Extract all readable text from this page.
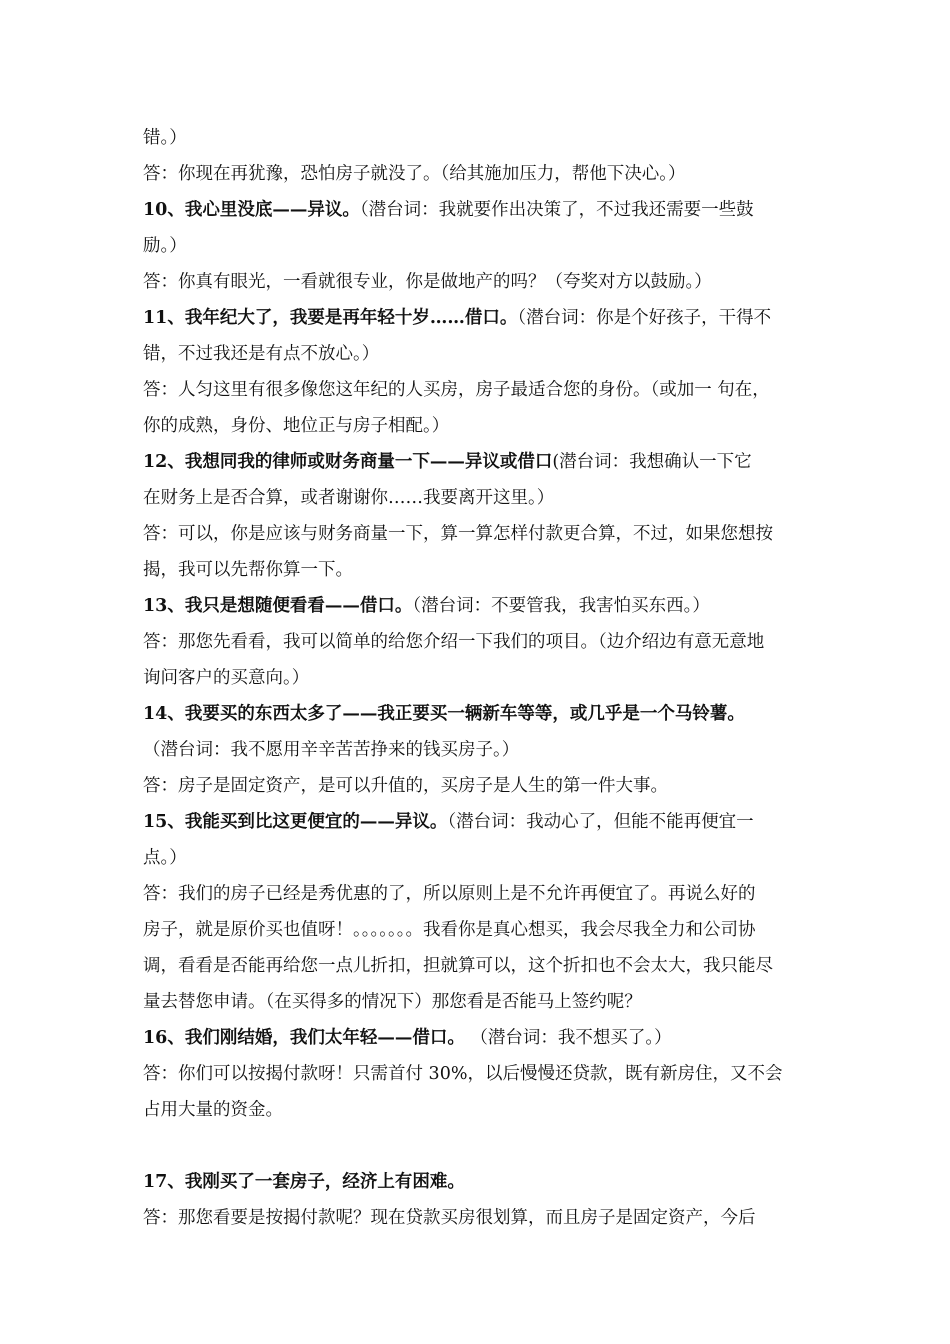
错。）
答：你现在再犹豫，恐怕房子就没了。（给其施加压力，帮他下决心。）
10、我心里没底——异议。（潜台词：我就要作出决策了，不过我还需要一些鼓
励。）
答：你真有眼光，一看就很专业，你是做地产的吗？（夸奖对方以鼓励。）
11、我年纪大了，我要是再年轻十岁……借口。（潜台词：你是个好孩子，干得不
错，不过我还是有点不放心。）
答：人匀这里有很多像您这年纪的人买房，房子最适合您的身份。（或加一 句在，
你的成熟，身份、地位正与房子相配。）
12、我想同我的律师或财务商量一下——异议或借口(潜台词：我想确认一下它
在财务上是否合算，或者谢谢你……我要离开这里。）
答：可以，你是应该与财务商量一下，算一算怎样付款更合算，不过，如果您想按
揭，我可以先帮你算一下。
13、我只是想随便看看——借口。（潜台词：不要管我，我害怕买东西。）
答：那您先看看，我可以简单的给您介绍一下我们的项目。（边介绍边有意无意地
询问客户的买意向。）
14、我要买的东西太多了——我正要买一辆新车等等，或几乎是一个马铃薯。
（潜台词：我不愿用辛辛苦苦挣来的钱买房子。）
答：房子是固定资产，是可以升值的，买房子是人生的第一件大事。
15、我能买到比这更便宜的——异议。（潜台词：我动心了，但能不能再便宜一
点。）
答：我们的房子已经是秀优惠的了，所以原则上是不允许再便宜了。再说么好的
房子，就是原价买也值呀！。。。。。。。我看你是真心想买，我会尽我全力和公司协
调，看看是否能再给您一点儿折扣，担就算可以，这个折扣也不会太大，我只能尽
量去替您申请。（在买得多的情况下）那您看是否能马上签约呢？
16、我们刚结婚，我们太年轻——借口。 （潜台词：我不想买了。）
答：你们可以按揭付款呀！只需首付 30%，以后慢慢还贷款，既有新房住，又不会
占用大量的资金。
17、我刚买了一套房子，经济上有困难。
答：那您看要是按揭付款呢？现在贷款买房很划算，而且房子是固定资产，今后
